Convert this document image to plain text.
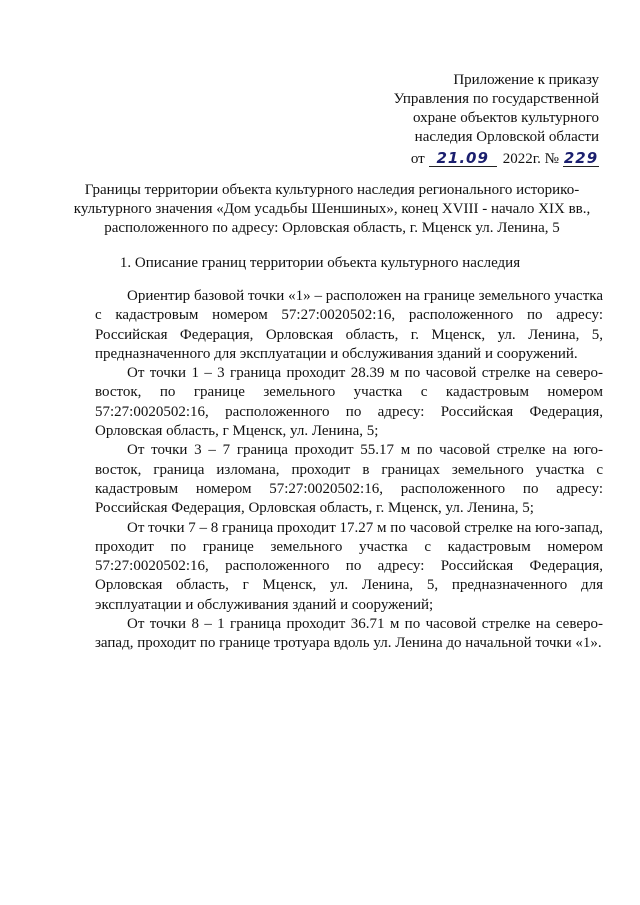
Приложение к приказу
Управления по государственной
охране объектов культурного
наследия Орловской области
от 21.09 2022г. № 229
Границы территории объекта культурного наследия регионального историко-
культурного значения «Дом усадьбы Шеншиных», конец XVIII - начало XIX вв.,
расположенного по адресу: Орловская область, г. Мценск ул. Ленина, 5
1. Описание границ территории объекта культурного наследия

Ориентир базовой точки «1» – расположен на границе земельного участка с кадастровым номером 57:27:0020502:16, расположенного по адресу: Российская Федерация, Орловская область, г. Мценск, ул. Ленина, 5, предназначенного для эксплуатации и обслуживания зданий и сооружений.

От точки 1 – 3 граница проходит 28.39 м по часовой стрелке на северо-восток, по границе земельного участка с кадастровым номером 57:27:0020502:16, расположенного по адресу: Российская Федерация, Орловская область, г Мценск, ул. Ленина, 5;

От точки 3 – 7 граница проходит 55.17 м по часовой стрелке на юго-восток, граница изломана, проходит в границах земельного участка с кадастровым номером 57:27:0020502:16, расположенного по адресу: Российская Федерация, Орловская область, г. Мценск, ул. Ленина, 5;

От точки 7 – 8 граница проходит 17.27 м по часовой стрелке на юго-запад, проходит по границе земельного участка с кадастровым номером 57:27:0020502:16, расположенного по адресу: Российская Федерация, Орловская область, г Мценск, ул. Ленина, 5, предназначенного для эксплуатации и обслуживания зданий и сооружений;

От точки 8 – 1 граница проходит 36.71 м по часовой стрелке на северо-запад, проходит по границе тротуара вдоль ул. Ленина до начальной точки «1».
